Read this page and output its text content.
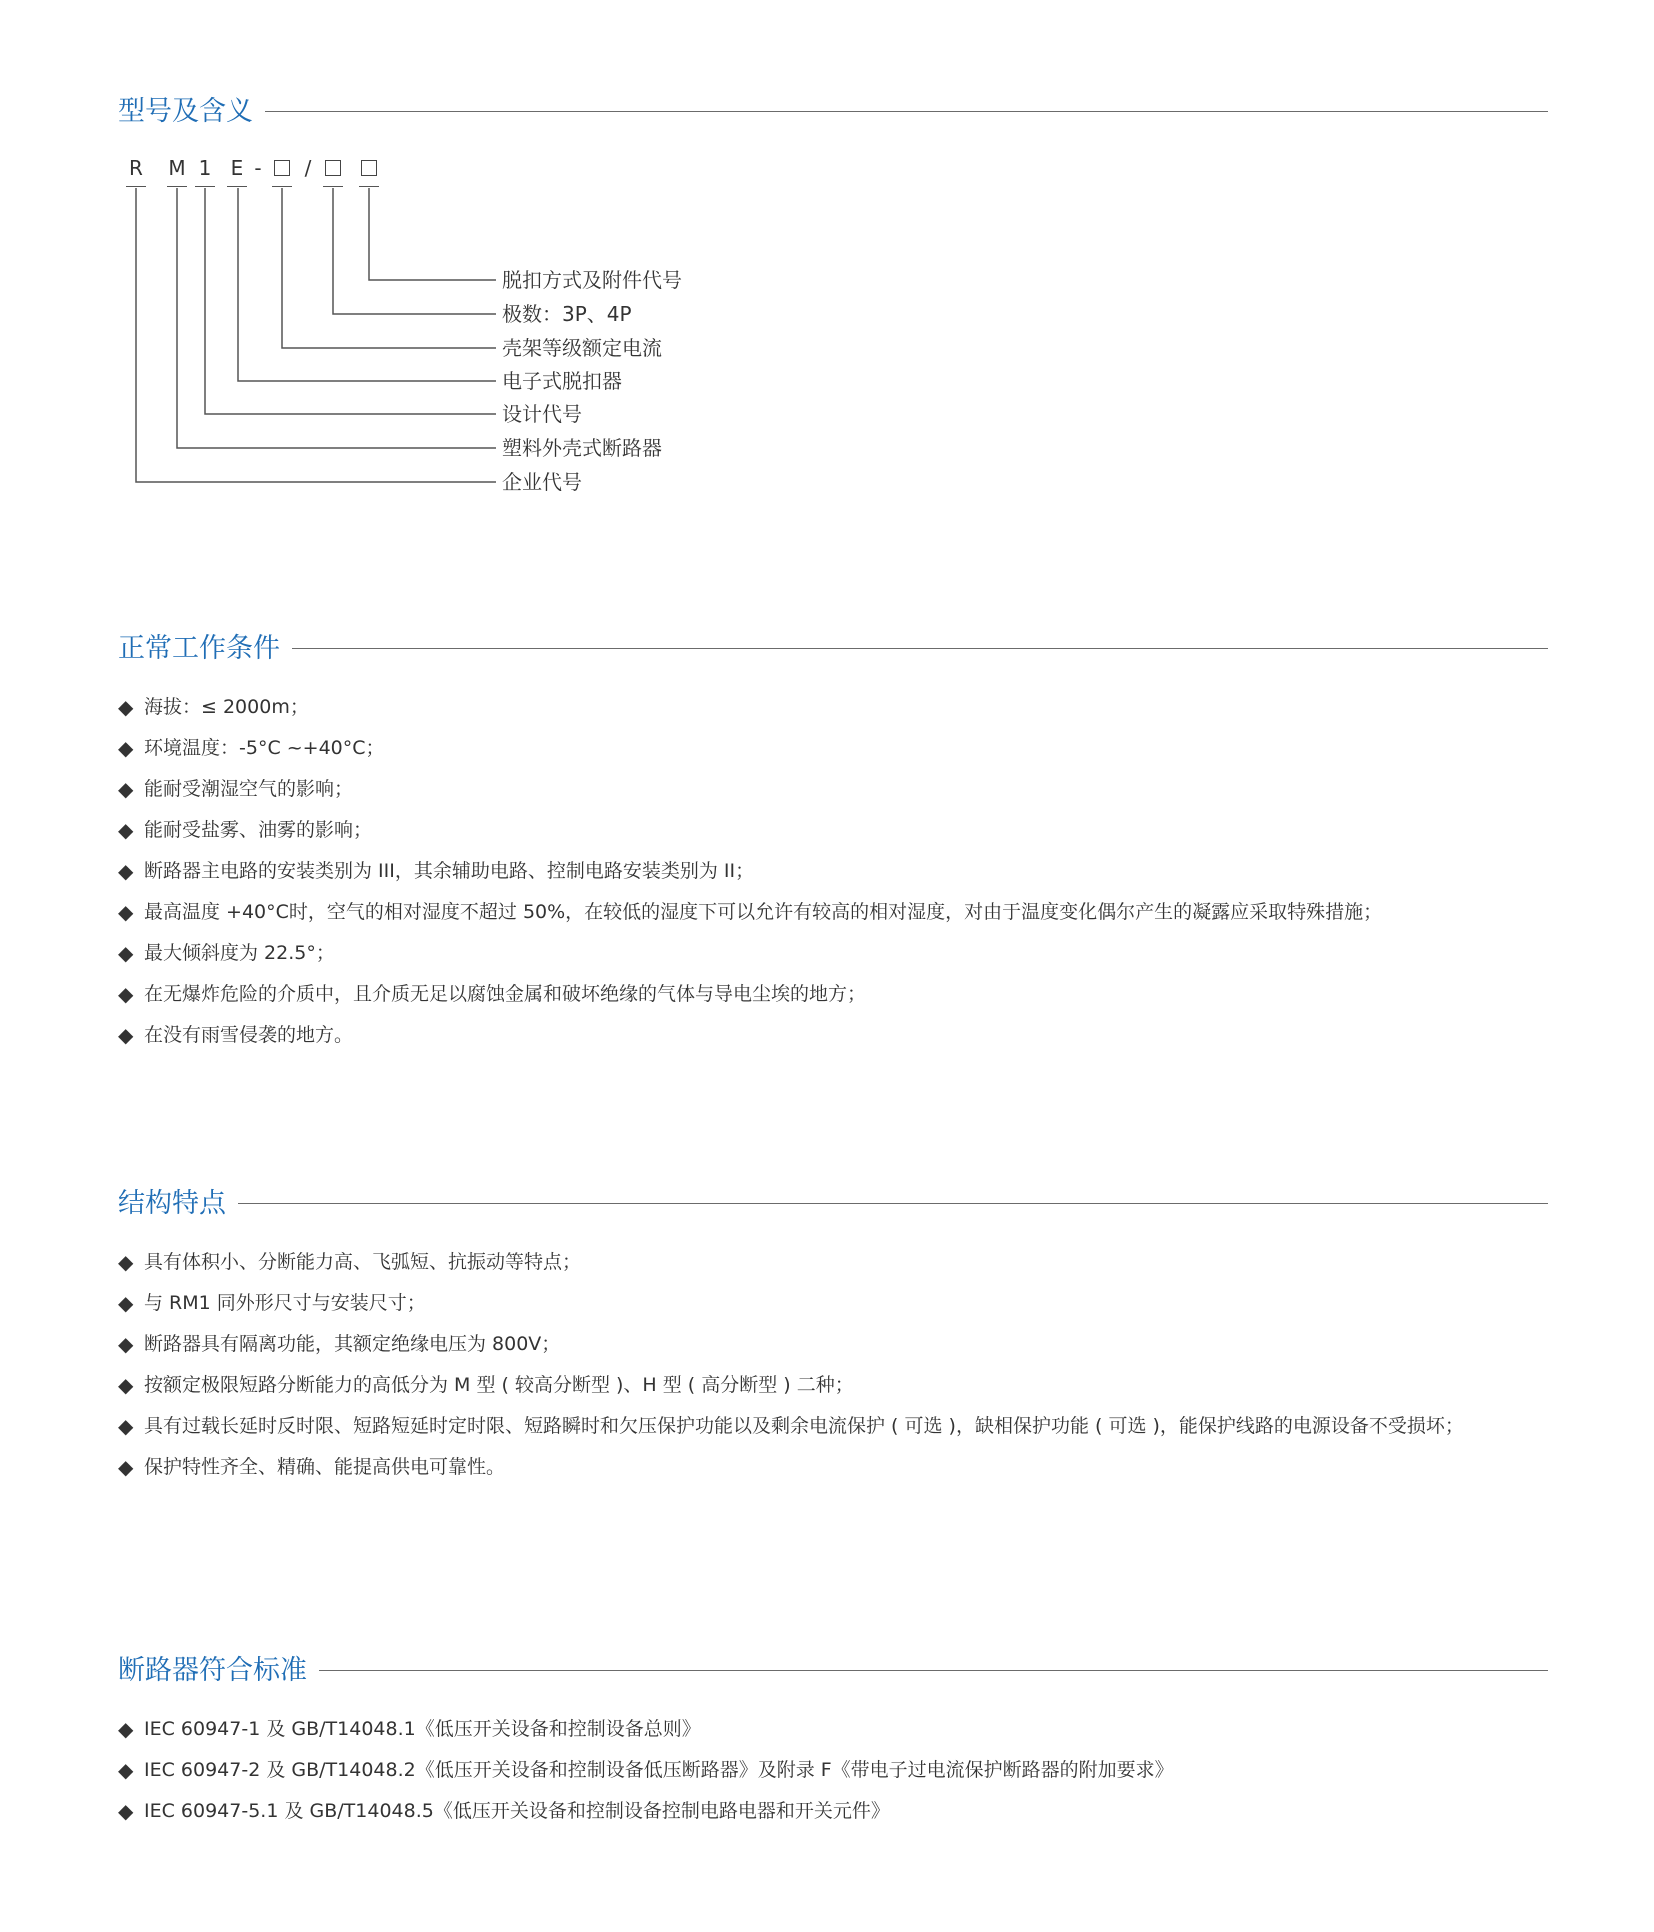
型号及含义
R M 1 E -	/
脱扣方式及附件代号
极数：3P、4P
壳架等级额定电流
电子式脱扣器
设计代号
塑料外壳式断路器
企业代号
正常工作条件
◆ 海拔：≤ 2000m；
◆ 环境温度：-5°C ~+40°C；
◆ 能耐受潮湿空气的影响；
◆ 能耐受盐雾、油雾的影响；
◆ 断路器主电路的安装类别为 III，其余辅助电路、控制电路安装类别为 II；
◆ 最高温度 +40°C时，空气的相对湿度不超过 50%，在较低的湿度下可以允许有较高的相对湿度，对由于温度变化偶尔产生的凝露应采取特殊措施；
◆ 最大倾斜度为 22.5°；
◆ 在无爆炸危险的介质中，且介质无足以腐蚀金属和破坏绝缘的气体与导电尘埃的地方；
◆ 在没有雨雪侵袭的地方。
结构特点
◆ 具有体积小、分断能力高、飞弧短、抗振动等特点；
◆ 与 RM1 同外形尺寸与安装尺寸；
◆ 断路器具有隔离功能，其额定绝缘电压为 800V；
◆ 按额定极限短路分断能力的高低分为 M 型 ( 较高分断型 )、H 型 ( 高分断型 ) 二种；
◆ 具有过载长延时反时限、短路短延时定时限、短路瞬时和欠压保护功能以及剩余电流保护 ( 可选 )，缺相保护功能 ( 可选 )，能保护线路的电源设备不受损坏；
◆ 保护特性齐全、精确、能提高供电可靠性。
断路器符合标准
◆ IEC 60947-1 及 GB/T14048.1《低压开关设备和控制设备总则》
◆ IEC 60947-2 及 GB/T14048.2《低压开关设备和控制设备低压断路器》及附录 F《带电子过电流保护断路器的附加要求》
◆ IEC 60947-5.1 及 GB/T14048.5《低压开关设备和控制设备控制电路电器和开关元件》
